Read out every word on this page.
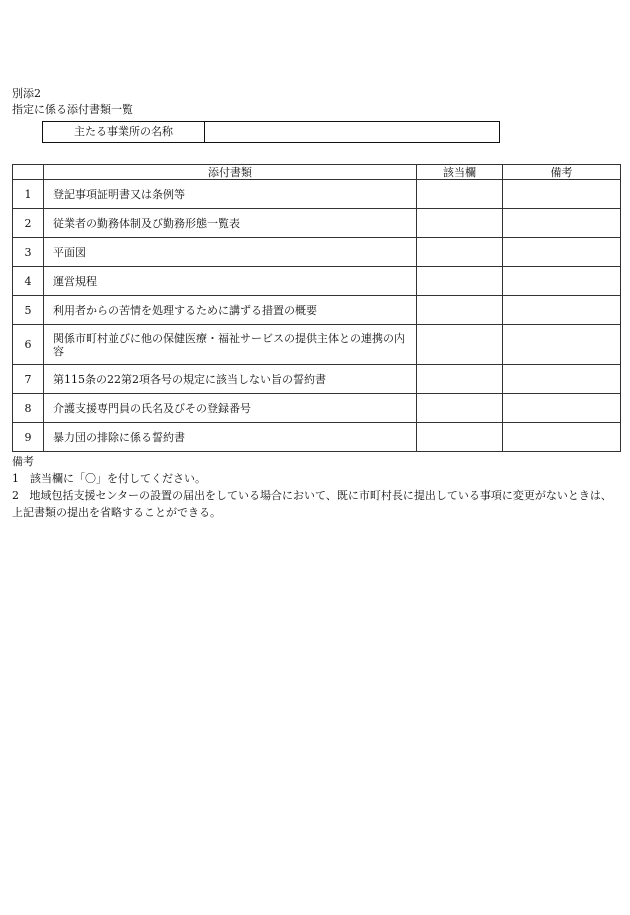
別添2
指定に係る添付書類一覧
主たる事業所の名称
	添付書類	該当欄	備考
1	登記事項証明書又は条例等		
2	従業者の勤務体制及び勤務形態一覧表		
3	平面図		
4	運営規程		
5	利用者からの苦情を処理するために講ずる措置の概要		
6	関係市町村並びに他の保健医療・福祉サービスの提供主体との連携の内容		
7	第115条の22第2項各号の規定に該当しない旨の誓約書		
8	介護支援専門員の氏名及びその登録番号		
9	暴力団の排除に係る誓約書		

備考

1	該当欄に「〇」を付してください。
2 地域包括支援センターの設置の届出をしている場合において、既に市町村長に提出している事項に変更がないときは、上記書類の提出を省略することができる。
